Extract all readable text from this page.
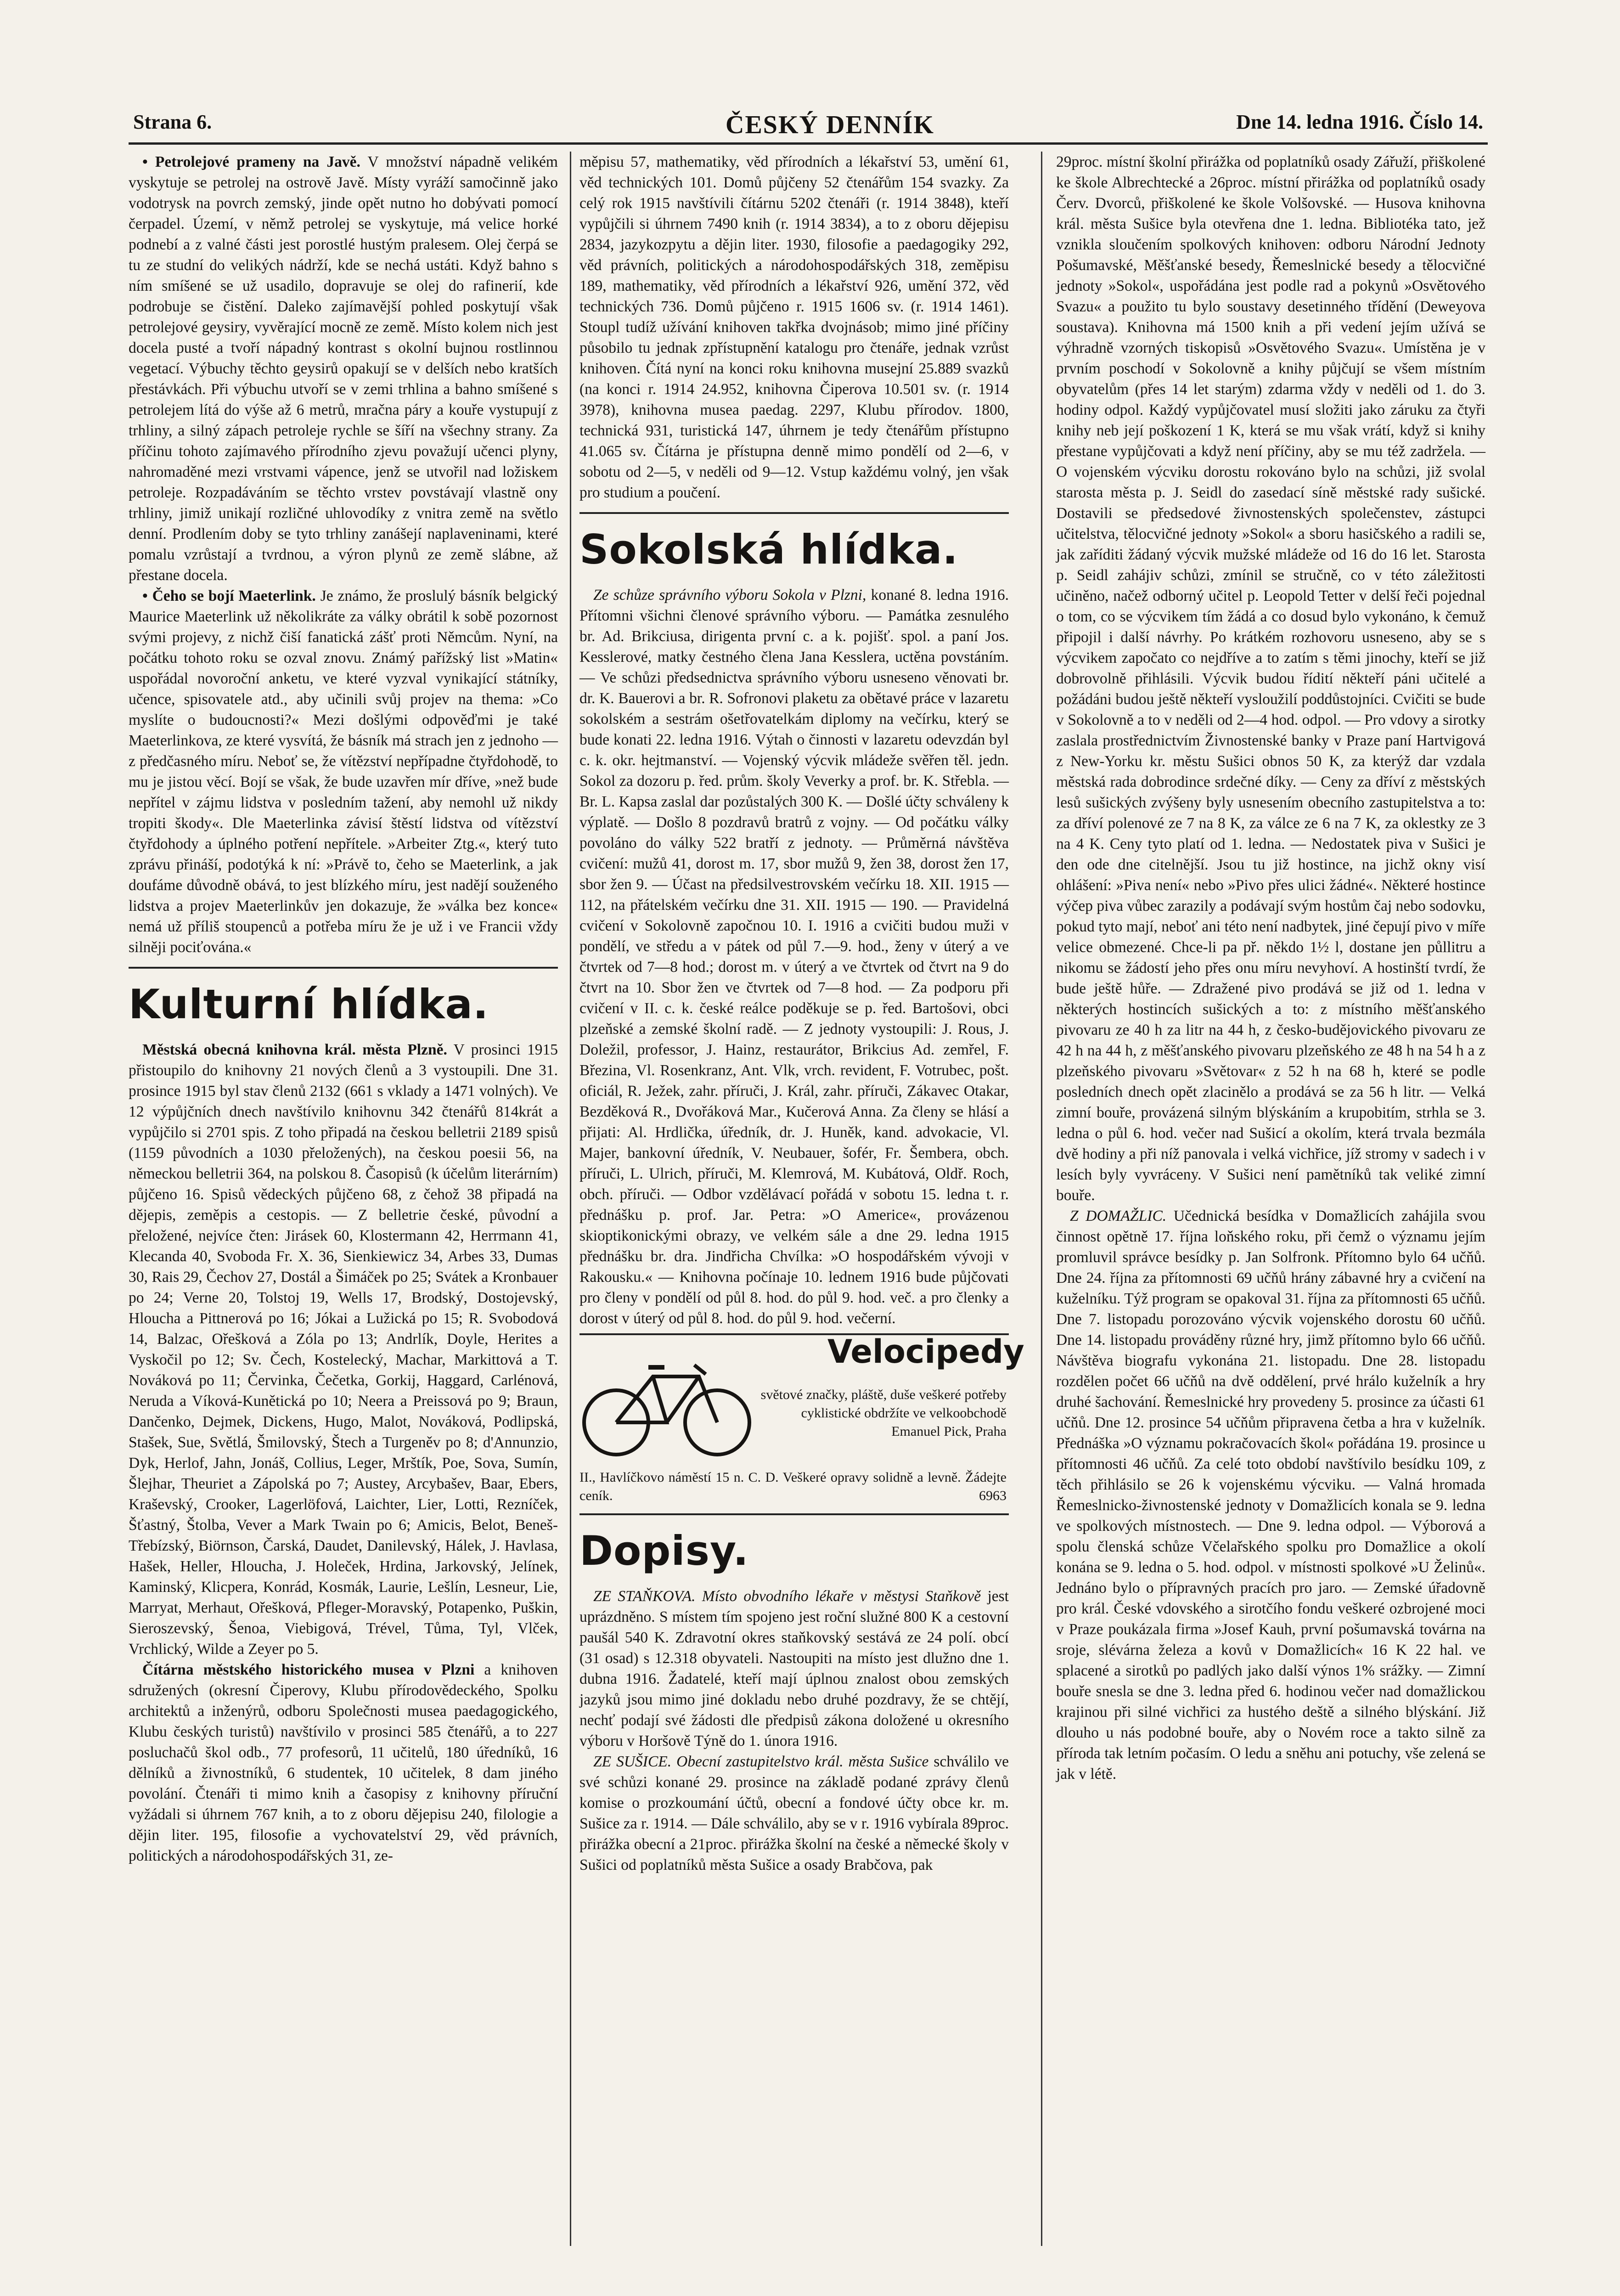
Strana 6.	ČESKÝ DENNÍK	Dne 14. ledna 1916. Číslo 14.

• Petrolejové prameny na Javě. V množství nápadně velikém vyskytuje se petrolej na ostrově Javě. Místy vyráží samočinně jako vodotrysk na povrch zemský, jinde opět nutno ho dobývati pomocí čerpadel. Území, v němž petrolej se vyskytuje, má velice horké podnebí a z valné části jest porostlé hustým pralesem. Olej čerpá se tu ze studní do velikých nádrží, kde se nechá ustáti. Když bahno s ním smíšené se už usadilo, dopravuje se olej do rafinerií, kde podrobuje se čistění. Daleko zajímavější pohled poskytují však petrolejové geysiry, vyvěrající mocně ze země. Místo kolem nich jest docela pusté a tvoří nápadný kontrast s okolní bujnou rostlinnou vegetací. Výbuchy těchto geysirů opakují se v delších nebo kratších přestávkách. Při výbuchu utvoří se v zemi trhlina a bahno smíšené s petrolejem lítá do výše až 6 metrů, mračna páry a kouře vystupují z trhliny, a silný zápach petroleje rychle se šíří na všechny strany. Za příčinu tohoto zajímavého přírodního zjevu považují učenci plyny, nahromaděné mezi vrstvami vápence, jenž se utvořil nad ložiskem petroleje. Rozpadáváním se těchto vrstev povstávají vlastně ony trhliny, jimiž unikají rozličné uhlovodíky z vnitra země na světlo denní. Prodlením doby se tyto trhliny zanášejí naplaveninami, které pomalu vzrůstají a tvrdnou, a výron plynů ze země slábne, až přestane docela.

• Čeho se bojí Maeterlink. Je známo, že proslulý básník belgický Maurice Maeterlink už několikráte za války obrátil k sobě pozornost svými projevy, z nichž čiší fanatická zášť proti Němcům. Nyní, na počátku tohoto roku se ozval znovu. Známý pařížský list »Matin« uspořádal novoroční anketu, ve které vyzval vynikající státníky, učence, spisovatele atd., aby učinili svůj projev na thema: »Co myslíte o budoucnosti?« Mezi došlými odpověďmi je také Maeterlinkova, ze které vysvítá, že básník má strach jen z jednoho — z předčasného míru. Neboť se, že vítězství nepřípadne čtyřdohodě, to mu je jistou věcí. Bojí se však, že bude uzavřen mír dříve, »než bude nepřítel v zájmu lidstva v posledním tažení, aby nemohl už nikdy tropiti škody«. Dle Maeterlinka závisí štěstí lidstva od vítězství čtyřdohody a úplného potření nepřítele. »Arbeiter Ztg.«, který tuto zprávu přináší, podotýká k ní: »Právě to, čeho se Maeterlink, a jak doufáme důvodně obává, to jest blízkého míru, jest nadějí souženého lidstva a projev Maeterlinkův jen dokazuje, že »válka bez konce« nemá už příliš stoupenců a potřeba míru že je už i ve Francii vždy silněji pociťována.«

Kulturní hlídka.

Městská obecná knihovna král. města Plzně. V prosinci 1915 přistoupilo do knihovny 21 nových členů a 3 vystoupili. Dne 31. prosince 1915 byl stav členů 2132 (661 s vklady a 1471 volných). Ve 12 výpůjčních dnech navštívilo knihovnu 342 čtenářů 814krát a vypůjčilo si 2701 spis. Z toho připadá na českou belletrii 2189 spisů (1159 původních a 1030 přeložených), na českou poesii 56, na německou belletrii 364, na polskou 8. Časopisů (k účelům literárním) půjčeno 16. Spisů vědeckých půjčeno 68, z čehož 38 připadá na dějepis, zeměpis a cestopis. — Z belletrie české, původní a přeložené, nejvíce čten: Jirásek 60, Klostermann 42, Herrmann 41, Klecanda 40, Svoboda Fr. X. 36, Sienkiewicz 34, Arbes 33, Dumas 30, Rais 29, Čechov 27, Dostál a Šimáček po 25; Svátek a Kronbauer po 24; Verne 20, Tolstoj 19, Wells 17, Brodský, Dostojevský, Hloucha a Pittnerová po 16; Jókai a Lužická po 15; R. Svobodová 14, Balzac, Ořešková a Zóla po 13; Andrlík, Doyle, Herites a Vyskočil po 12; Sv. Čech, Kostelecký, Machar, Markittová a T. Nováková po 11; Červinka, Čečetka, Gorkij, Haggard, Carlénová, Neruda a Víková-Kunětická po 10; Neera a Preissová po 9; Braun, Dančenko, Dejmek, Dickens, Hugo, Malot, Nováková, Podlipská, Stašek, Sue, Světlá, Šmilovský, Štech a Turgeněv po 8; d'Annunzio, Dyk, Herlof, Jahn, Jonáš, Collius, Leger, Mrštík, Poe, Sova, Sumín, Šlejhar, Theuriet a Zápolská po 7; Austey, Arcybašev, Baar, Ebers, Kraševský, Crooker, Lagerlöfová, Laichter, Lier, Lotti, Rezníček, Šťastný, Štolba, Vever a Mark Twain po 6; Amicis, Belot, Beneš-Třebízský, Biörnson, Čarská, Daudet, Danilevský, Hálek, J. Havlasa, Hašek, Heller, Hloucha, J. Holeček, Hrdina, Jarkovský, Jelínek, Kaminský, Klicpera, Konrád, Kosmák, Laurie, Lešlín, Lesneur, Lie, Marryat, Merhaut, Ořešková, Pfleger-Moravský, Potapenko, Puškin, Sieroszevský, Šenoa, Viebigová, Trével, Tůma, Tyl, Vlček, Vrchlický, Wilde a Zeyer po 5.

Čítárna městského historického musea v Plzni a knihoven sdružených (okresní Čiperovy, Klubu přírodovědeckého, Spolku architektů a inženýrů, odboru Společnosti musea paedagogického, Klubu českých turistů) navštívilo v prosinci 585 čtenářů, a to 227 posluchačů škol odb., 77 profesorů, 11 učitelů, 180 úředníků, 16 dělníků a živnostníků, 6 studentek, 10 učitelek, 8 dam jiného povolání. Čtenáři ti mimo knih a časopisy z knihovny příruční vyžádali si úhrnem 767 knih, a to z oboru dějepisu 240, filologie a dějin liter. 195, filosofie a vychovatelství 29, věd právních, politických a národohospodářských 31, ze-

měpisu 57, mathematiky, věd přírodních a lékařství 53, umění 61, věd technických 101. Domů půjčeny 52 čtenářům 154 svazky. Za celý rok 1915 navštívili čítárnu 5202 čtenáři (r. 1914 3848), kteří vypůjčili si úhrnem 7490 knih (r. 1914 3834), a to z oboru dějepisu 2834, jazykozpytu a dějin liter. 1930, filosofie a paedagogiky 292, věd právních, politických a národohospodářských 318, zeměpisu 189, mathematiky, věd přírodních a lékařství 926, umění 372, věd technických 736. Domů půjčeno r. 1915 1606 sv. (r. 1914 1461). Stoupl tudíž užívání knihoven takřka dvojnásob; mimo jiné příčiny působilo tu jednak zpřístupnění katalogu pro čtenáře, jednak vzrůst knihoven. Čítá nyní na konci roku knihovna musejní 25.889 svazků (na konci r. 1914 24.952, knihovna Čiperova 10.501 sv. (r. 1914 3978), knihovna musea paedag. 2297, Klubu přírodov. 1800, technická 931, turistická 147, úhrnem je tedy čtenářům přístupno 41.065 sv. Čítárna je přístupna denně mimo pondělí od 2—6, v sobotu od 2—5, v neděli od 9—12. Vstup každému volný, jen však pro studium a poučení.

Sokolská hlídka.

Ze schůze správního výboru Sokola v Plzni, konané 8. ledna 1916. Přítomni všichni členové správního výboru. — Památka zesnulého br. Ad. Brikciusa, dirigenta první c. a k. pojišť. spol. a paní Jos. Kesslerové, matky čestného člena Jana Kesslera, uctěna povstáním. — Ve schůzi předsednictva správního výboru usneseno věnovati br. dr. K. Bauerovi a br. R. Sofronovi plaketu za obětavé práce v lazaretu sokolském a sestrám ošetřovatelkám diplomy na večírku, který se bude konati 22. ledna 1916. Výtah o činnosti v lazaretu odevzdán byl c. k. okr. hejtmanství. — Vojenský výcvik mládeže svěřen těl. jedn. Sokol za dozoru p. řed. prům. školy Veverky a prof. br. K. Střebla. — Br. L. Kapsa zaslal dar pozůstalých 300 K. — Došlé účty schváleny k výplatě. — Došlo 8 pozdravů bratrů z vojny. — Od počátku války povoláno do války 522 bratří z jednoty. — Průměrná návštěva cvičení: mužů 41, dorost m. 17, sbor mužů 9, žen 38, dorost žen 17, sbor žen 9. — Účast na předsilvestrovském večírku 18. XII. 1915 — 112, na přátelském večírku dne 31. XII. 1915 — 190. — Pravidelná cvičení v Sokolovně započnou 10. I. 1916 a cvičiti budou muži v pondělí, ve středu a v pátek od půl 7.—9. hod., ženy v úterý a ve čtvrtek od 7—8 hod.; dorost m. v úterý a ve čtvrtek od čtvrt na 9 do čtvrt na 10. Sbor žen ve čtvrtek od 7—8 hod. — Za podporu při cvičení v II. c. k. české reálce poděkuje se p. řed. Bartošovi, obci plzeňské a zemské školní radě. — Z jednoty vystoupili: J. Rous, J. Doležil, professor, J. Hainz, restaurátor, Brikcius Ad. zemřel, F. Březina, Vl. Rosenkranz, Ant. Vlk, vrch. revident, F. Votrubec, pošt. oficiál, R. Ježek, zahr. příruči, J. Král, zahr. příruči, Zákavec Otakar, Bezděková R., Dvořáková Mar., Kučerová Anna. Za členy se hlásí a přijati: Al. Hrdlička, úředník, dr. J. Huněk, kand. advokacie, Vl. Majer, bankovní úředník, V. Neubauer, šofér, Fr. Šembera, obch. příruči, L. Ulrich, příruči, M. Klemrová, M. Kubátová, Oldř. Roch, obch. příruči. — Odbor vzdělávací pořádá v sobotu 15. ledna t. r. přednášku p. prof. Jar. Petra: »O Americe«, provázenou skioptikonickými obrazy, ve velkém sále a dne 29. ledna 1915 přednášku br. dra. Jindřicha Chvílka: »O hospodářském vývoji v Rakousku.« — Knihovna počínaje 10. lednem 1916 bude půjčovati pro členy v pondělí od půl 8. hod. do půl 9. hod. več. a pro členky a dorost v úterý od půl 8. hod. do půl 9. hod. večerní.

Velocipedy
světové značky, pláště, duše veškeré potřeby cyklistické obdržíte ve velkoobchodě Emanuel Pick, Praha
II., Havlíčkovo náměstí 15 n. C. D. Veškeré opravy solidně a levně. Žádejte ceník.	6963
Dopisy.

ZE STAŇKOVA. Místo obvodního lékaře v městysi Staňkově jest uprázdněno. S místem tím spojeno jest roční služné 800 K a cestovní paušál 540 K. Zdravotní okres staňkovský sestává ze 24 polí. obcí (31 osad) s 12.318 obyvateli. Nastoupiti na místo jest dlužno dne 1. dubna 1916. Žadatelé, kteří mají úplnou znalost obou zemských jazyků jsou mimo jiné dokladu nebo druhé pozdravy, že se chtějí, nechť podají své žádosti dle předpisů zákona doložené u okresního výboru v Horšově Týně do 1. února 1916.

ZE SUŠICE. Obecní zastupitelstvo král. města Sušice schválilo ve své schůzi konané 29. prosince na základě podané zprávy členů komise o prozkoumání účtů, obecní a fondové účty obce kr. m. Sušice za r. 1914. — Dále schválilo, aby se v r. 1916 vybírala 89proc. přirážka obecní a 21proc. přirážka školní na české a německé školy v Sušici od poplatníků města Sušice a osady Brabčova, pak

29proc. místní školní přirážka od poplatníků osady Zářuží, přiškolené ke škole Albrechtecké a 26proc. místní přirážka od poplatníků osady Červ. Dvorců, přiškolené ke škole Volšovské. — Husova knihovna král. města Sušice byla otevřena dne 1. ledna. Bibliotéka tato, jež vznikla sloučením spolkových knihoven: odboru Národní Jednoty Pošumavské, Měšťanské besedy, Řemeslnické besedy a tělocvičné jednoty »Sokol«, uspořádána jest podle rad a pokynů »Osvětového Svazu« a použito tu bylo soustavy desetinného třídění (Deweyova soustava). Knihovna má 1500 knih a při vedení jejím užívá se výhradně vzorných tiskopisů »Osvětového Svazu«. Umístěna je v prvním poschodí v Sokolovně a knihy půjčují se všem místním obyvatelům (přes 14 let starým) zdarma vždy v neděli od 1. do 3. hodiny odpol. Každý vypůjčovatel musí složiti jako záruku za čtyři knihy neb její poškození 1 K, která se mu však vrátí, když si knihy přestane vypůjčovati a když není příčiny, aby se mu též zadržela. — O vojenském výcviku dorostu rokováno bylo na schůzi, již svolal starosta města p. J. Seidl do zasedací síně městské rady sušické. Dostavili se předsedové živnostenských společenstev, zástupci učitelstva, tělocvičné jednoty »Sokol« a sboru hasičského a radili se, jak zaříditi žádaný výcvik mužské mládeže od 16 do 16 let. Starosta p. Seidl zahájiv schůzi, zmínil se stručně, co v této záležitosti učiněno, načež odborný učitel p. Leopold Tetter v delší řeči pojednal o tom, co se výcvikem tím žádá a co dosud bylo vykonáno, k čemuž připojil i další návrhy. Po krátkém rozhovoru usneseno, aby se s výcvikem započato co nejdříve a to zatím s těmi jinochy, kteří se již dobrovolně přihlásili. Výcvik budou řídití někteří páni učitelé a požádáni budou ještě někteří vysloužilí poddůstojníci. Cvičiti se bude v Sokolovně a to v neděli od 2—4 hod. odpol. — Pro vdovy a sirotky zaslala prostřednictvím Živnostenské banky v Praze paní Hartvigová z New-Yorku kr. městu Sušici obnos 50 K, za kterýž dar vzdala městská rada dobrodince srdečné díky. — Ceny za dříví z městských lesů sušických zvýšeny byly usnesením obecního zastupitelstva a to: za dříví polenové ze 7 na 8 K, za válce ze 6 na 7 K, za oklestky ze 3 na 4 K. Ceny tyto platí od 1. ledna. — Nedostatek piva v Sušici je den ode dne citelnější. Jsou tu již hostince, na jichž okny visí ohlášení: »Piva není« nebo »Pivo přes ulici žádné«. Některé hostince výčep piva vůbec zarazily a podávají svým hostům čaj nebo sodovku, pokud tyto mají, neboť ani této není nadbytek, jiné čepují pivo v míře velice obmezené. Chce-li pa př. někdo 1½ l, dostane jen půllitru a nikomu se žádostí jeho přes onu míru nevyhoví. A hostinští tvrdí, že bude ještě hůře. — Zdražené pivo prodává se již od 1. ledna v některých hostincích sušických a to: z místního měšťanského pivovaru ze 40 h za litr na 44 h, z česko-budějovického pivovaru ze 42 h na 44 h, z měšťanského pivovaru plzeňského ze 48 h na 54 h a z plzeňského pivovaru »Světovar« z 52 h na 68 h, které se podle posledních dnech opět zlacinělo a prodává se za 56 h litr. — Velká zimní bouře, provázená silným blýskáním a krupobitím, strhla se 3. ledna o půl 6. hod. večer nad Sušicí a okolím, která trvala bezmála dvě hodiny a při níž panovala i velká vichřice, jíž stromy v sadech i v lesích byly vyvráceny. V Sušici není pamětníků tak veliké zimní bouře.

Z DOMAŽLIC. Učednická besídka v Domažlicích zahájila svou činnost opětně 17. října loňského roku, při čemž o významu jejím promluvil správce besídky p. Jan Solfronk. Přítomno bylo 64 učňů. Dne 24. října za přítomnosti 69 učňů hrány zábavné hry a cvičení na kuželníku. Týž program se opakoval 31. října za přítomnosti 65 učňů. Dne 7. listopadu porozováno výcvik vojenského dorostu 60 učňů. Dne 14. listopadu prováděny různé hry, jimž přítomno bylo 66 učňů. Návštěva biografu vykonána 21. listopadu. Dne 28. listopadu rozdělen počet 66 učňů na dvě oddělení, prvé hrálo kuželník a hry druhé šachování. Řemeslnické hry provedeny 5. prosince za účasti 61 učňů. Dne 12. prosince 54 učňům připravena četba a hra v kuželník. Přednáška »O významu pokračovacích škol« pořádána 19. prosince u přítomnosti 46 učňů. Za celé toto období navštívilo besídku 109, z těch přihlásilo se 26 k vojenskému výcviku. — Valná hromada Řemeslnicko-živnostenské jednoty v Domažlicích konala se 9. ledna ve spolkových místnostech. — Dne 9. ledna odpol. — Výborová a spolu členská schůze Včelařského spolku pro Domažlice a okolí konána se 9. ledna o 5. hod. odpol. v místnosti spolkové »U Želinů«. Jednáno bylo o přípravných pracích pro jaro. — Zemské úřadovně pro král. České vdovského a sirotčího fondu veškeré ozbrojené moci v Praze poukázala firma »Josef Kauh, první pošumavská továrna na sroje, slévárna železa a kovů v Domažlicích« 16 K 22 hal. ve splacené a sirotků po padlých jako další výnos 1% srážky. — Zimní bouře snesla se dne 3. ledna před 6. hodinou večer nad domažlickou krajinou při silné vichřici za hustého deště a silného blýskání. Již dlouho u nás podobné bouře, aby o Novém roce a takto silně za příroda tak letním počasím. O ledu a sněhu ani potuchy, vše zelená se jak v létě.
